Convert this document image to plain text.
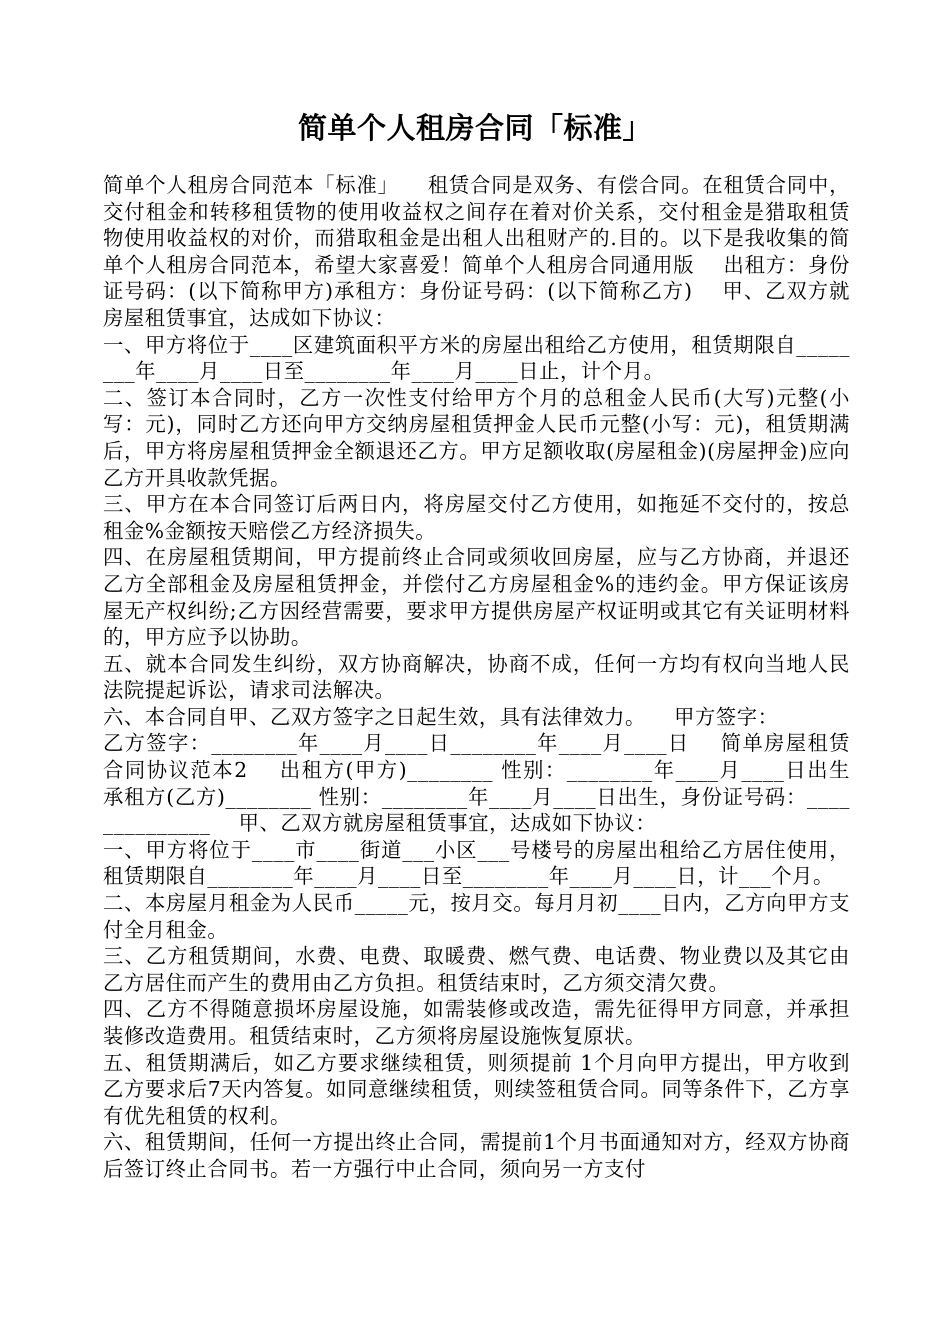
简单个人租房合同「标准」
简单个人租房合同范本「标准」    租赁合同是双务、有偿合同。在租赁合同中，交付租金和转移租赁物的使用收益权之间存在着对价关系，交付租金是猎取租赁物使用收益权的对价，而猎取租金是出租人出租财产的.目的。以下是我收集的简单个人租房合同范本，希望大家喜爱！简单个人租房合同通用版    出租方：身份证号码：(以下简称甲方)承租方：身份证号码：(以下简称乙方)    甲、乙双方就房屋租赁事宜，达成如下协议：
一、甲方将位于____区建筑面积平方米的房屋出租给乙方使用，租赁期限自________年____月____日至________年____月____日止，计个月。
二、签订本合同时，乙方一次性支付给甲方个月的总租金人民币(大写)元整(小写：元)，同时乙方还向甲方交纳房屋租赁押金人民币元整(小写：元)，租赁期满后，甲方将房屋租赁押金全额退还乙方。甲方足额收取(房屋租金)(房屋押金)应向乙方开具收款凭据。
三、甲方在本合同签订后两日内，将房屋交付乙方使用，如拖延不交付的，按总租金%金额按天赔偿乙方经济损失。
四、在房屋租赁期间，甲方提前终止合同或须收回房屋，应与乙方协商，并退还乙方全部租金及房屋租赁押金，并偿付乙方房屋租金%的违约金。甲方保证该房屋无产权纠纷;乙方因经营需要，要求甲方提供房屋产权证明或其它有关证明材料的，甲方应予以协助。
五、就本合同发生纠纷，双方协商解决，协商不成，任何一方均有权向当地人民法院提起诉讼，请求司法解决。
六、本合同自甲、乙双方签字之日起生效，具有法律效力。    甲方签字：
乙方签字：________年____月____日________年____月____日    简单房屋租赁合同协议范本2    出租方(甲方)________ 性别：________年____月____日出生    承租方(乙方)________ 性别：________年____月____日出生，身份证号码：______________    甲、乙双方就房屋租赁事宜，达成如下协议：
一、甲方将位于____市____街道___小区___号楼号的房屋出租给乙方居住使用，租赁期限自________年____月____日至________年____月____日，计___个月。
二、本房屋月租金为人民币_____元，按月交。每月月初____日内，乙方向甲方支付全月租金。
三、乙方租赁期间，水费、电费、取暖费、燃气费、电话费、物业费以及其它由乙方居住而产生的费用由乙方负担。租赁结束时，乙方须交清欠费。
四、乙方不得随意损坏房屋设施，如需装修或改造，需先征得甲方同意，并承担装修改造费用。租赁结束时，乙方须将房屋设施恢复原状。
五、租赁期满后，如乙方要求继续租赁，则须提前 1个月向甲方提出，甲方收到乙方要求后7天内答复。如同意继续租赁，则续签租赁合同。同等条件下，乙方享有优先租赁的权利。
六、租赁期间，任何一方提出终止合同，需提前1个月书面通知对方，经双方协商后签订终止合同书。若一方强行中止合同，须向另一方支付
